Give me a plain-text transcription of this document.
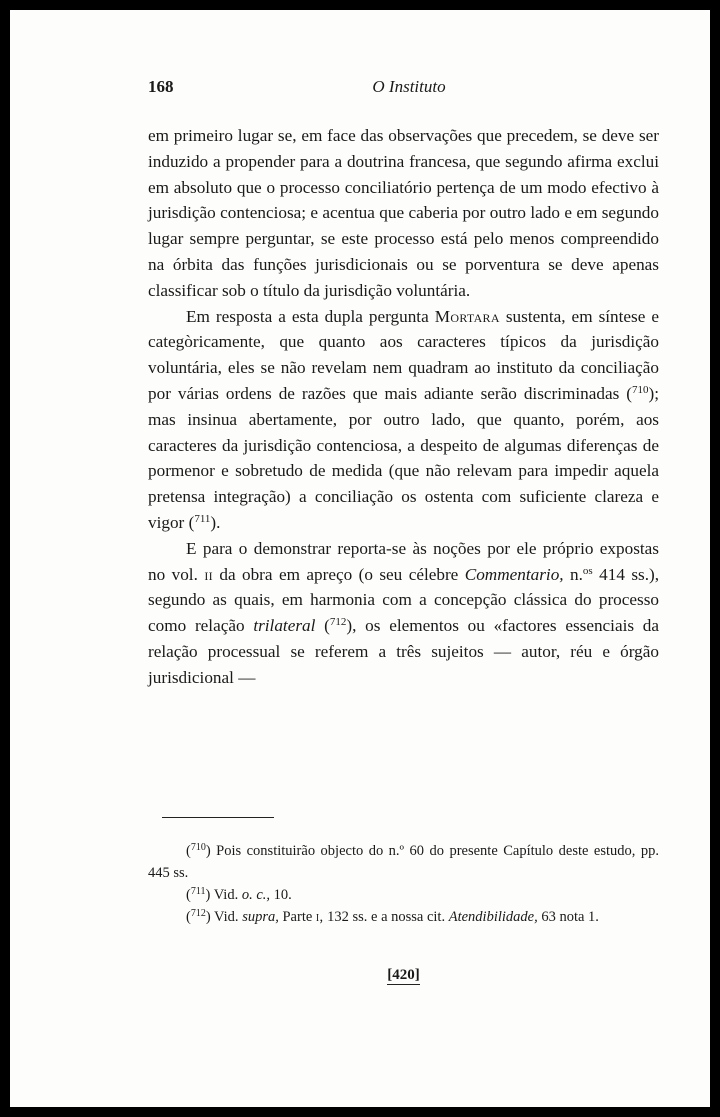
168	O Instituto

em primeiro lugar se, em face das observações que precedem, se deve ser induzido a propender para a doutrina francesa, que segundo afirma exclui em absoluto que o processo conciliatório pertença de um modo efectivo à jurisdição contenciosa; e acentua que caberia por outro lado e em segundo lugar sempre perguntar, se este processo está pelo menos compreendido na órbita das funções jurisdicionais ou se porventura se deve apenas classificar sob o título da jurisdição voluntária.

Em resposta a esta dupla pergunta Mortara sustenta, em síntese e categòricamente, que quanto aos caracteres típicos da jurisdição voluntária, eles se não revelam nem quadram ao instituto da conciliação por várias ordens de razões que mais adiante serão discriminadas ($^{710}$); mas insinua abertamente, por outro lado, que quanto, porém, aos caracteres da jurisdição contenciosa, a despeito de algumas diferenças de pormenor e sobretudo de medida (que não relevam para impedir aquela pretensa integração) a conciliação os ostenta com suficiente clareza e vigor ($^{711}$).

E para o demonstrar reporta-se às noções por ele próprio expostas no vol. ii da obra em apreço (o seu célebre Commentario, n.$^{os}$ 414 ss.), segundo as quais, em harmonia com a concepção clássica do processo como relação trilateral ($^{712}$), os elementos ou «factores essenciais da relação processual se referem a três sujeitos — autor, réu e órgão jurisdicional —

($^{710}$) Pois constituirão objecto do n.º 60 do presente Capítulo deste estudo, pp. 445 ss.

($^{711}$) Vid. o. c., 10.

($^{712}$) Vid. supra, Parte i, 132 ss. e a nossa cit. Atendibilidade, 63 nota 1.

[420]
